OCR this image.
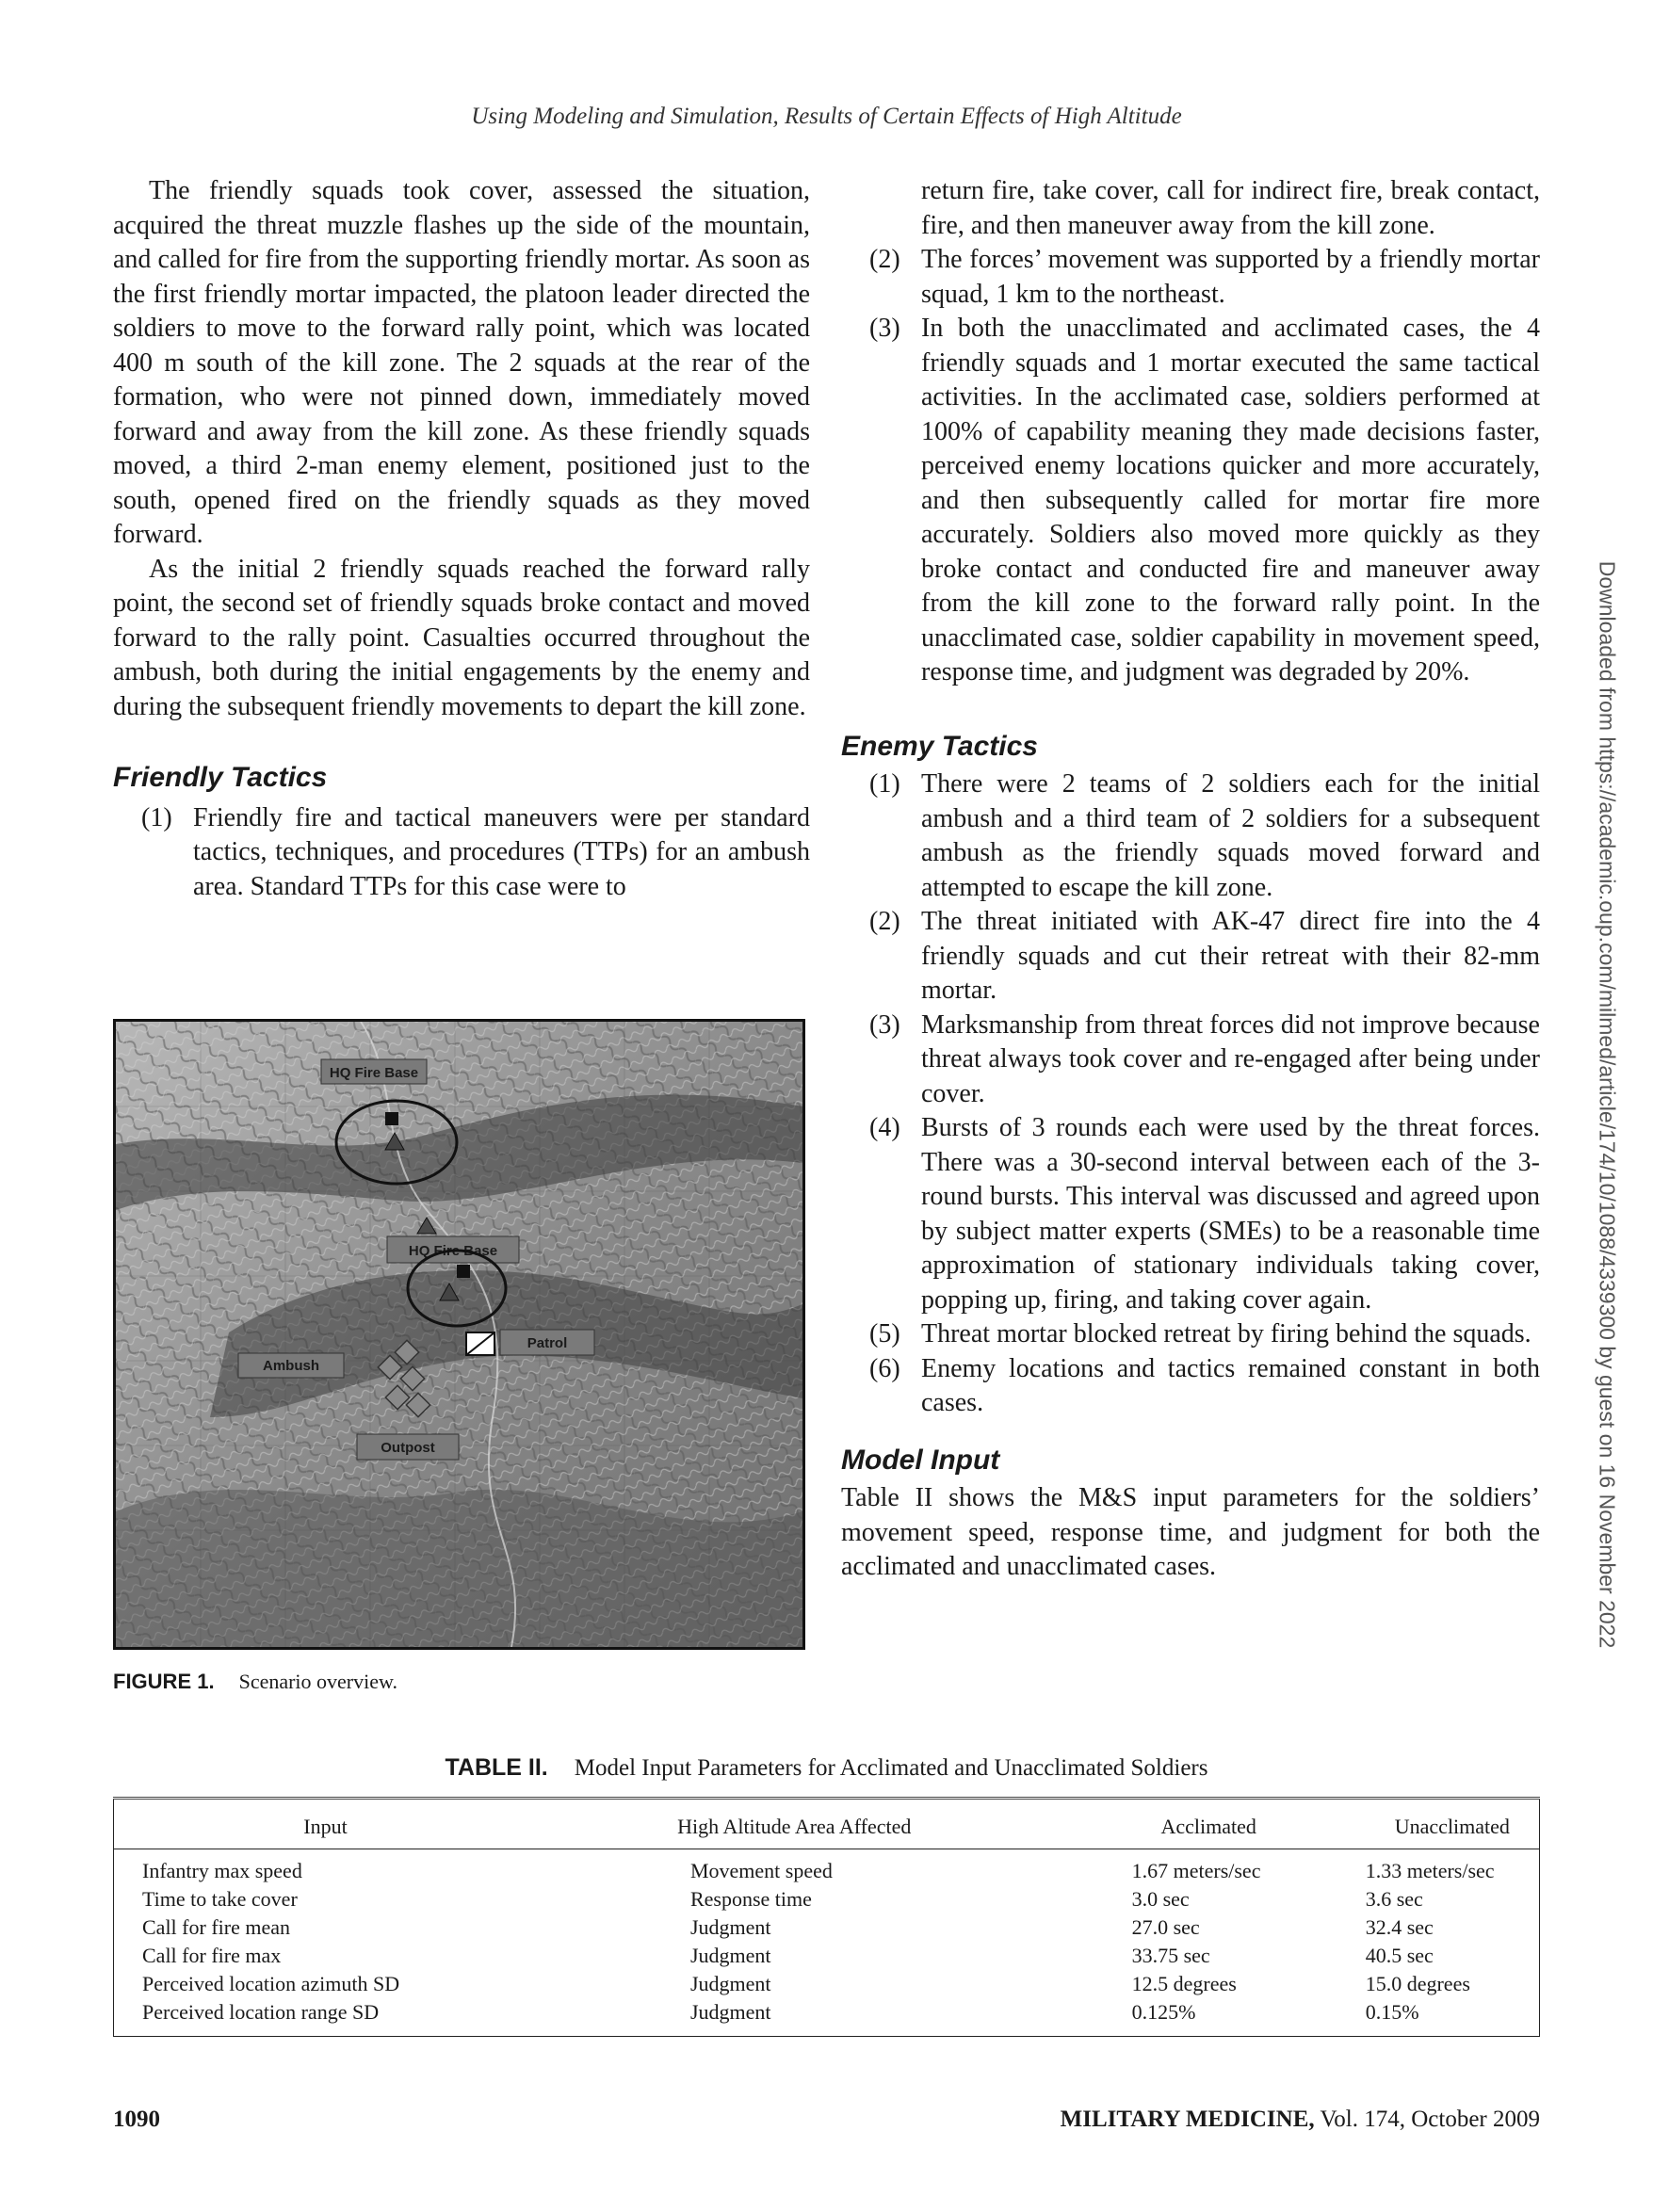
Using Modeling and Simulation, Results of Certain Effects of High Altitude

The friendly squads took cover, assessed the situation, acquired the threat muzzle flashes up the side of the mountain, and called for fire from the supporting friendly mortar. As soon as the first friendly mortar impacted, the platoon leader directed the soldiers to move to the forward rally point, which was located 400 m south of the kill zone. The 2 squads at the rear of the formation, who were not pinned down, immediately moved forward and away from the kill zone. As these friendly squads moved, a third 2-man enemy element, positioned just to the south, opened fired on the friendly squads as they moved forward.

As the initial 2 friendly squads reached the forward rally point, the second set of friendly squads broke contact and moved forward to the rally point. Casualties occurred throughout the ambush, both during the initial engagements by the enemy and during the subsequent friendly movements to depart the kill zone.

Friendly Tactics
(1) Friendly fire and tactical maneuvers were per standard tactics, techniques, and procedures (TTPs) for an ambush area. Standard TTPs for this case were to

return fire, take cover, call for indirect fire, break contact, fire, and then maneuver away from the kill zone.

(2) The forces’ movement was supported by a friendly mortar squad, 1 km to the northeast.
(3) In both the unacclimated and acclimated cases, the 4 friendly squads and 1 mortar executed the same tactical activities. In the acclimated case, soldiers performed at 100% of capability meaning they made decisions faster, perceived enemy locations quicker and more accurately, and then subsequently called for mortar fire more accurately. Soldiers also moved more quickly as they broke contact and conducted fire and maneuver away from the kill zone to the forward rally point. In the unacclimated case, soldier capability in movement speed, response time, and judgment was degraded by 20%.
Enemy Tactics
(1) There were 2 teams of 2 soldiers each for the initial ambush and a third team of 2 soldiers for a subsequent ambush as the friendly squads moved forward and attempted to escape the kill zone.
(2) The threat initiated with AK-47 direct fire into the 4 friendly squads and cut their retreat with their 82-mm mortar.
(3) Marksmanship from threat forces did not improve because threat always took cover and re-engaged after being under cover.
(4) Bursts of 3 rounds each were used by the threat forces. There was a 30-second interval between each of the 3-round bursts. This interval was discussed and agreed upon by subject matter experts (SMEs) to be a reasonable time approximation of stationary individuals taking cover, popping up, firing, and taking cover again.
(5) Threat mortar blocked retreat by firing behind the squads.
(6) Enemy locations and tactics remained constant in both cases.
Model Input

Table II shows the M&S input parameters for the soldiers’ movement speed, response time, and judgment for both the acclimated and unacclimated cases.

HQ Fire Base
HQ Fire Base
Patrol
Ambush
Outpost
FIGURE 1. Scenario overview.
TABLE II. Model Input Parameters for Acclimated and Unacclimated Soldiers
Input	High Altitude Area Affected	Acclimated	Unacclimated
Infantry max speed	Movement speed	1.67 meters/sec	1.33 meters/sec
Time to take cover	Response time	3.0 sec	3.6 sec
Call for fire mean	Judgment	27.0 sec	32.4 sec
Call for fire max	Judgment	33.75 sec	40.5 sec
Perceived location azimuth SD	Judgment	12.5 degrees	15.0 degrees
Perceived location range SD	Judgment	0.125%	0.15%
1090	MILITARY MEDICINE, Vol. 174, October 2009
Downloaded from https://academic.oup.com/milmed/article/174/10/1088/4339300 by guest on 16 November 2022
